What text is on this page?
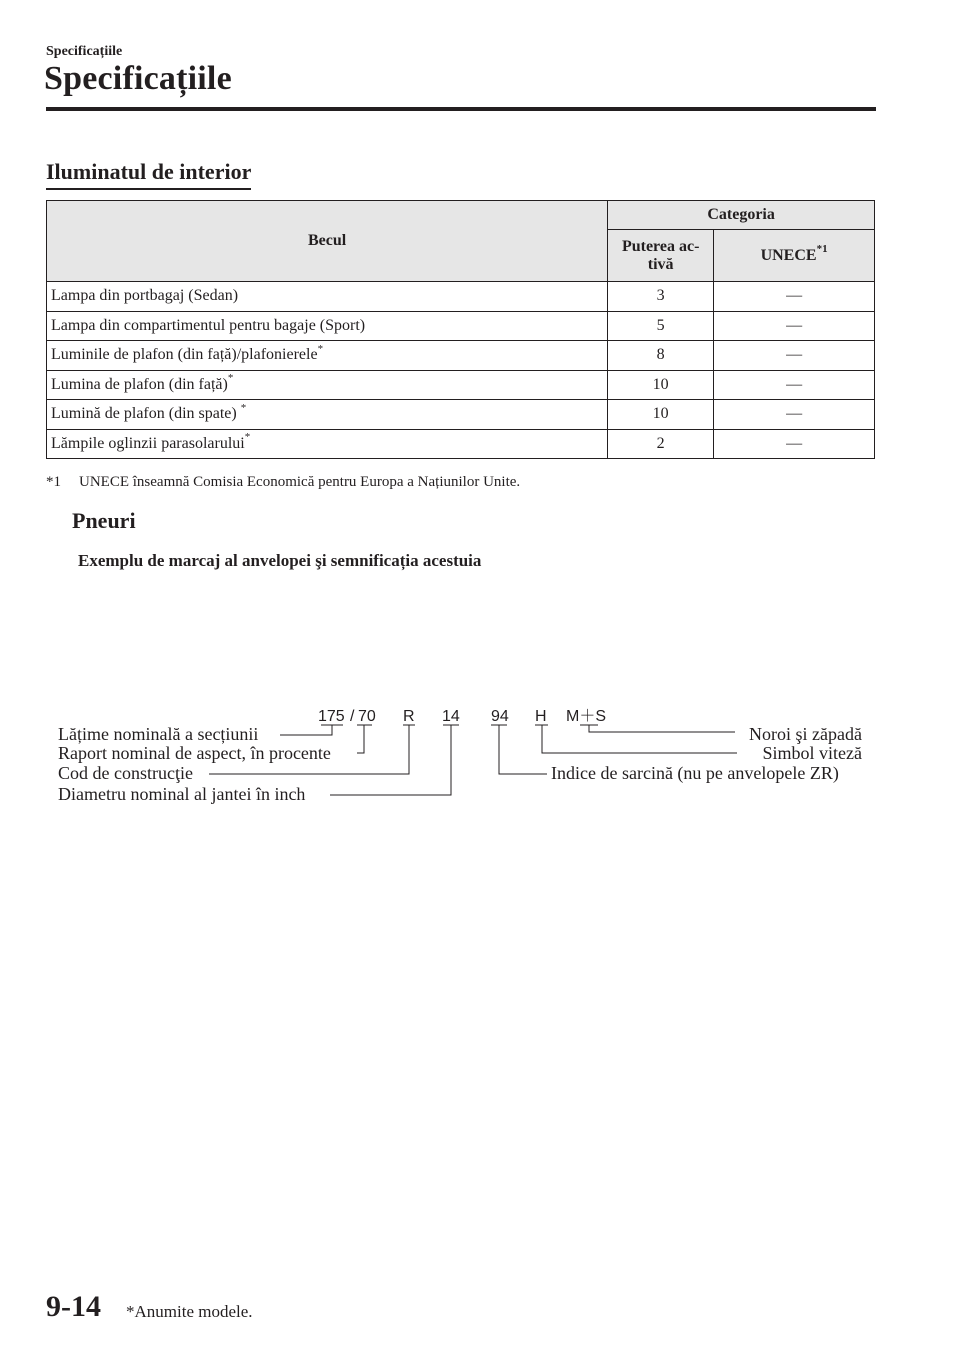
Specificațiile
Specificațiile
Iluminatul de interior
Becul	Categoria	
	Puterea ac-tivă	UNECE$^{*1}$
Lampa din portbagaj (Sedan)	3	—
Lampa din compartimentul pentru bagaje (Sport)	5	—
Luminile de plafon (din față)/plafonierele*	8	—
Lumina de plafon (din față)*	10	—
Lumină de plafon (din spate) *	10	—
Lămpile oglinzii parasolarului*	2	—
*1 UNECE înseamnă Comisia Economică pentru Europa a Națiunilor Unite.
Pneuri
Exemplu de marcaj al anvelopei şi semnificația acestuia
175 / 70 R 14 94 H M＋S
Lățime nominală a secțiunii
Raport nominal de aspect, în procente
Cod de construcţie
Diametru nominal al jantei în inch
Noroi şi zăpadă
Simbol viteză
Indice de sarcină (nu pe anvelopele ZR)
9-14 *Anumite modele.
